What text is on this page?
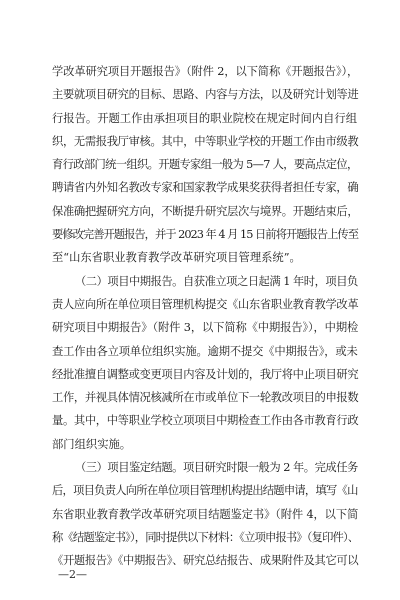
学改革研究项目开题报告》（附件 2，以下简称《开题报告》），
主要就项目研究的目标、思路、内容与方法，以及研究计划等进
行报告。开题工作由承担项目的职业院校在规定时间内自行组
织，无需报我厅审核。其中，中等职业学校的开题工作由市级教
育行政部门统一组织。开题专家组一般为 5—7 人，要高点定位，
聘请省内外知名教改专家和国家教学成果奖获得者担任专家，确
保准确把握研究方向，不断提升研究层次与境界。开题结束后，
要修改完善开题报告，并于 2023 年 4 月 15 日前将开题报告上传至
至“山东省职业教育教学改革研究项目管理系统”。
（二）项目中期报告。自获准立项之日起满 1 年时，项目负
责人应向所在单位项目管理机构提交《山东省职业教育教学改革
研究项目中期报告》（附件 3，以下简称《中期报告》），中期检
查工作由各立项单位组织实施。逾期不提交《中期报告》，或未
经批准擅自调整或变更项目内容及计划的，我厅将中止项目研究
工作，并视具体情况核减所在市或单位下一轮教改项目的申报数
量。其中，中等职业学校立项项目中期检查工作由各市教育行政
部门组织实施。
（三）项目鉴定结题。项目研究时限一般为 2 年。完成任务
后，项目负责人向所在单位项目管理机构提出结题申请，填写《山
东省职业教育教学改革研究项目结题鉴定书》（附件 4，以下简
称《结题鉴定书》），同时提供以下材料：《立项申报书》（复印件）、
《开题报告》《中期报告》、研究总结报告、成果附件及其它可以
—2—
